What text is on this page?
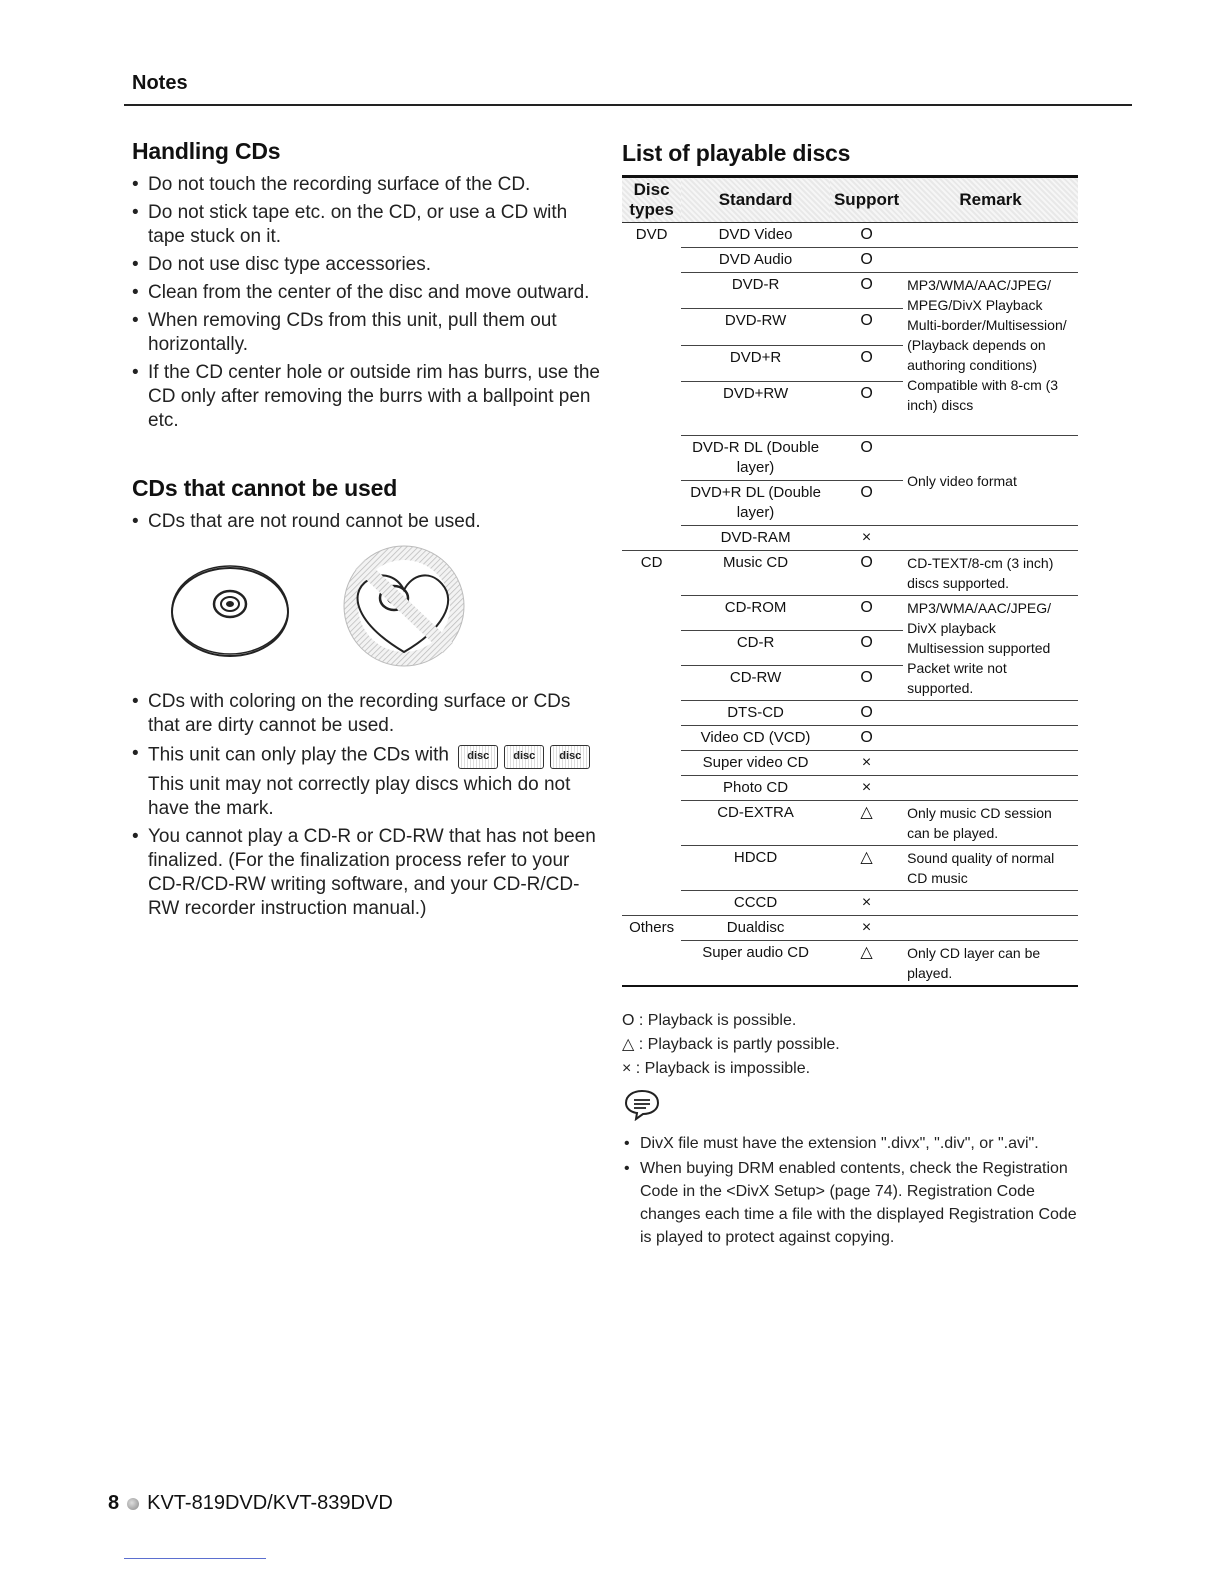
Notes
Handling CDs
• Do not touch the recording surface of the CD.
• Do not stick tape etc. on the CD, or use a CD with tape stuck on it.
• Do not use disc type accessories.
• Clean from the center of the disc and move outward.
• When removing CDs from this unit, pull them out horizontally.
• If the CD center hole or outside rim has burrs, use the CD only after removing the burrs with a ballpoint pen etc.
CDs that cannot be used
• CDs that are not round cannot be used.
• CDs with coloring on the recording surface or CDs that are dirty cannot be used.
• This unit can only play the CDs with disc disc disc
This unit may not correctly play discs which do not have the mark.
• You cannot play a CD-R or CD-RW that has not been finalized. (For the finalization process refer to your CD-R/CD-RW writing software, and your CD-R/CD-RW recorder instruction manual.)
List of playable discs
Disc types	Standard	Support	Remark
DVD	DVD Video	O	
	DVD Audio	O	
	DVD-R	O	MP3/WMA/AAC/JPEG/ MPEG/DivX Playback Multi-border/Multisession/ (Playback depends on authoring conditions) Compatible with 8-cm (3 inch) discs
	DVD-RW	O	
	DVD+R	O	
	DVD+RW	O	

	DVD-R DL (Double layer)	O	Only video format
	DVD+R DL (Double layer)	O	
	DVD-RAM	×	
CD	Music CD	O	CD-TEXT/8-cm (3 inch) discs supported.
	CD-ROM	O	MP3/WMA/AAC/JPEG/ DivX playback Multisession supported Packet write not supported.
	CD-R	O	
	CD-RW	O	
	DTS-CD	O	
	Video CD (VCD)	O	
	Super video CD	×	
	Photo CD	×	
	CD-EXTRA	△	Only music CD session can be played.
	HDCD	△	Sound quality of normal CD music
	CCCD	×	
Others	Dualdisc	×	
	Super audio CD	△	Only CD layer can be played.
O : Playback is possible.
△ : Playback is partly possible.
× : Playback is impossible.
• DivX file must have the extension ".divx", ".div", or ".avi".
• When buying DRM enabled contents, check the Registration Code in the <DivX Setup> (page 74). Registration Code changes each time a file with the displayed Registration Code is played to protect against copying.
8 KVT-819DVD/KVT-839DVD
